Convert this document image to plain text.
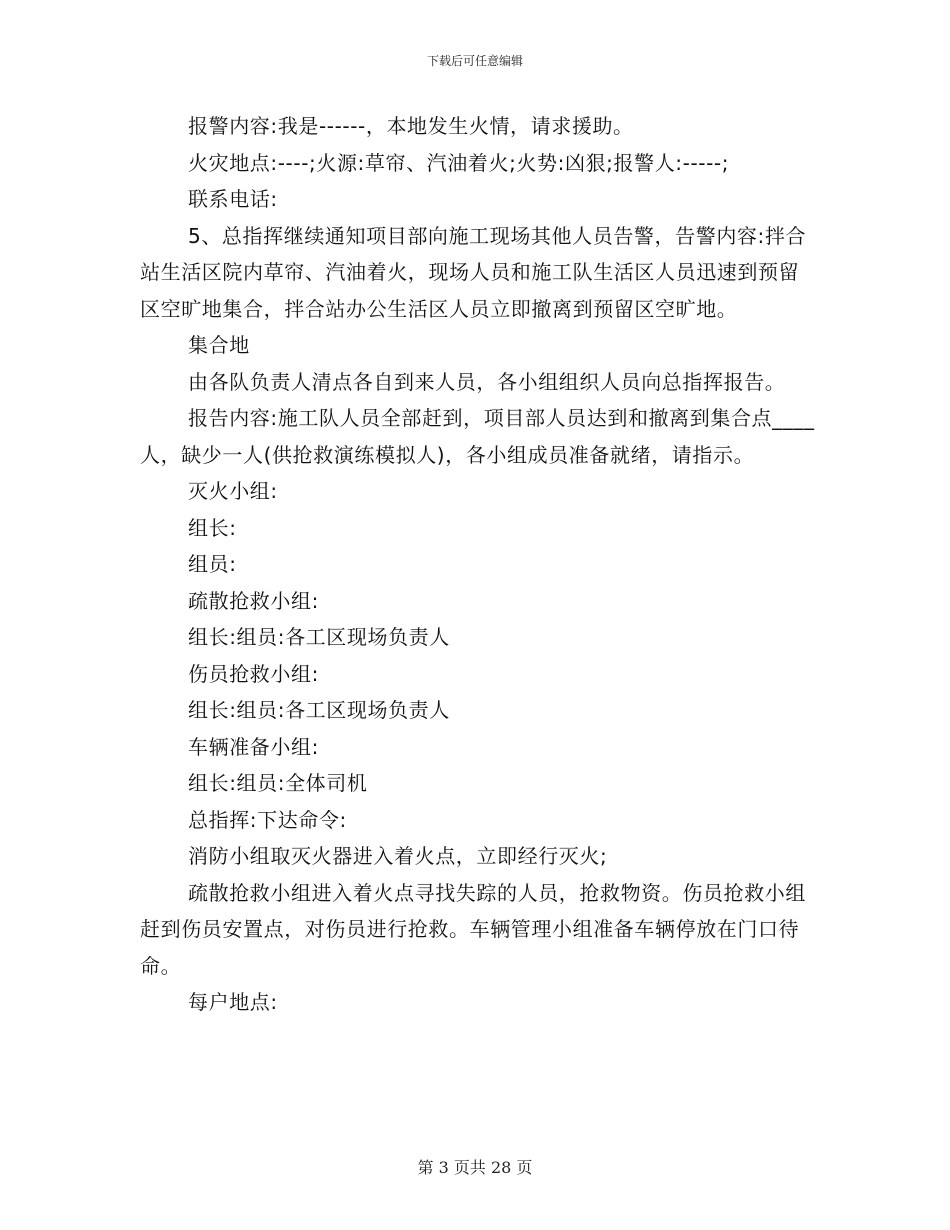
下载后可任意编辑

报警内容:我是------，本地发生火情，请求援助。

火灾地点:----;火源:草帘、汽油着火;火势:凶狠;报警人:-----;

联系电话:

5、总指挥继续通知项目部向施工现场其他人员告警，告警内容:拌合站生活区院内草帘、汽油着火，现场人员和施工队生活区人员迅速到预留区空旷地集合，拌合站办公生活区人员立即撤离到预留区空旷地。

集合地

由各队负责人清点各自到来人员，各小组组织人员向总指挥报告。

报告内容:施工队人员全部赶到，项目部人员达到和撤离到集合点____人，缺少一人(供抢救演练模拟人)，各小组成员准备就绪，请指示。

灭火小组:

组长:

组员:

疏散抢救小组:

组长:组员:各工区现场负责人

伤员抢救小组:

组长:组员:各工区现场负责人

车辆准备小组:

组长:组员:全体司机

总指挥:下达命令:

消防小组取灭火器进入着火点，立即经行灭火;

疏散抢救小组进入着火点寻找失踪的人员，抢救物资。伤员抢救小组赶到伤员安置点，对伤员进行抢救。车辆管理小组准备车辆停放在门口待命。

每户地点:

第 3 页共 28 页
